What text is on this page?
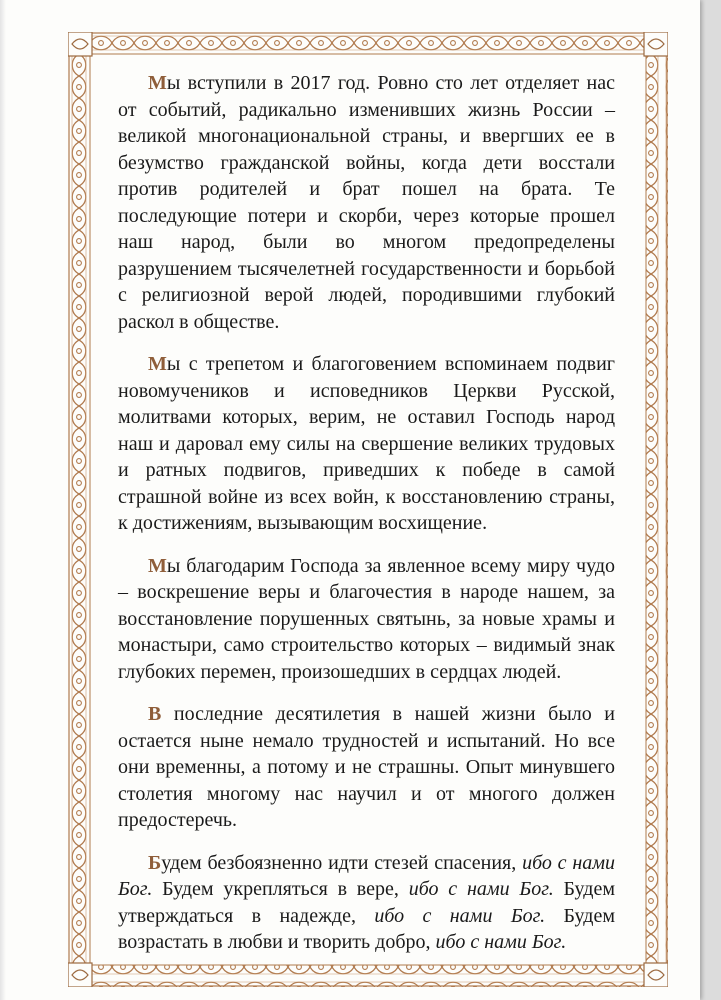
Мы вступили в 2017 год. Ровно сто лет отделяет нас от событий, радикально изменивших жизнь России – великой многонациональной страны, и ввергших ее в безумство гражданской войны, когда дети восстали против родителей и брат пошел на брата. Те последующие потери и скорби, через которые прошел наш народ, были во многом предопределены разрушением тысячелетней государственности и борьбой с религиозной верой людей, породившими глубокий раскол в обществе.

Мы с трепетом и благоговением вспоминаем подвиг новомучеников и исповедников Церкви Русской, молитвами которых, верим, не оставил Господь народ наш и даровал ему силы на свершение великих трудовых и ратных подвигов, приведших к победе в самой страшной войне из всех войн, к восстановлению страны, к достижениям, вызывающим восхищение.

Мы благодарим Господа за явленное всему миру чудо – воскрешение веры и благочестия в народе нашем, за восстановление порушенных святынь, за новые храмы и монастыри, само строительство которых – видимый знак глубоких перемен, произошедших в сердцах людей.

В последние десятилетия в нашей жизни было и остается ныне немало трудностей и испытаний. Но все они временны, а потому и не страшны. Опыт минувшего столетия многому нас научил и от многого должен предостеречь.

Будем безбоязненно идти стезей спасения, ибо с нами Бог. Будем укрепляться в вере, ибо с нами Бог. Будем утверждаться в надежде, ибо с нами Бог. Будем возрастать в любви и творить добро, ибо с нами Бог.
